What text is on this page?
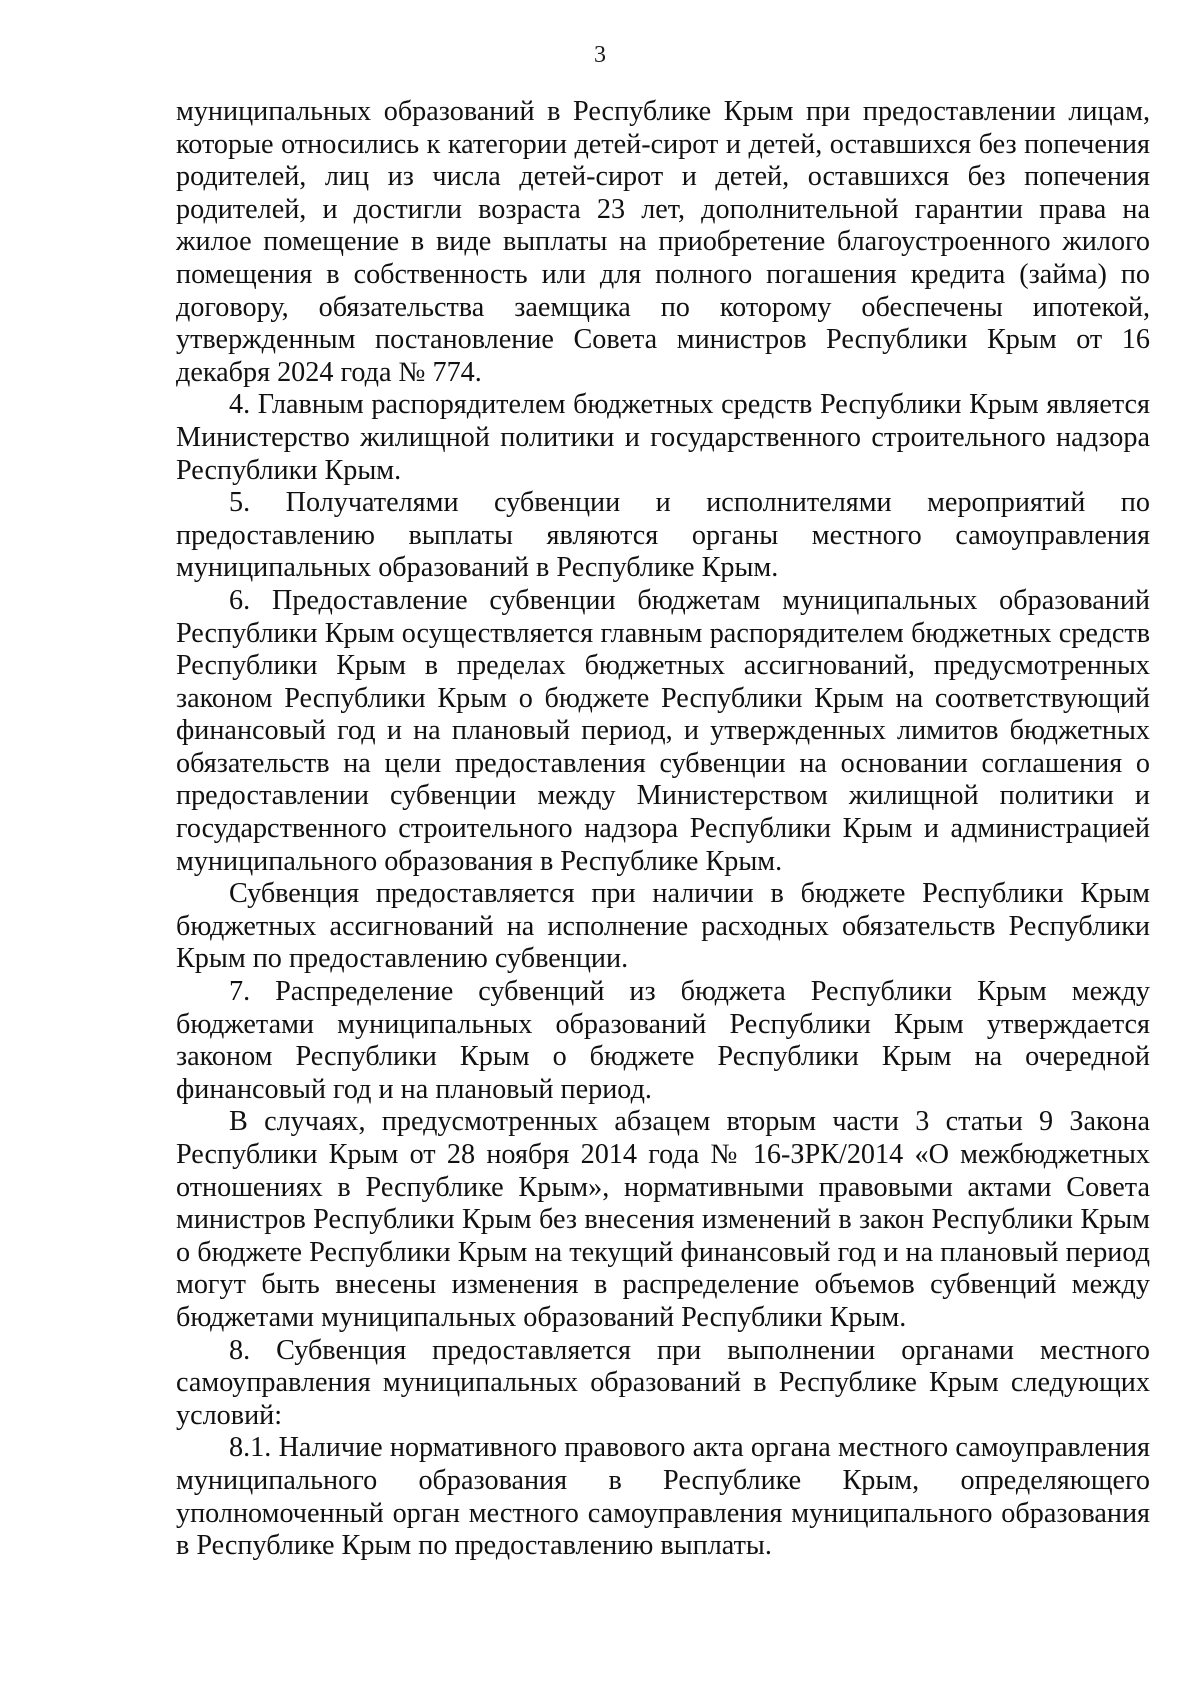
3

муниципальных образований в Республике Крым при предоставлении лицам, которые относились к категории детей-сирот и детей, оставшихся без попечения родителей, лиц из числа детей-сирот и детей, оставшихся без попечения родителей, и достигли возраста 23 лет, дополнительной гарантии права на жилое помещение в виде выплаты на приобретение благоустроенного жилого помещения в собственность или для полного погашения кредита (займа) по договору, обязательства заемщика по которому обеспечены ипотекой, утвержденным постановление Совета министров Республики Крым от 16 декабря 2024 года № 774.

4. Главным распорядителем бюджетных средств Республики Крым является Министерство жилищной политики и государственного строительного надзора Республики Крым.

5. Получателями субвенции и исполнителями мероприятий по предоставлению выплаты являются органы местного самоуправления муниципальных образований в Республике Крым.

6. Предоставление субвенции бюджетам муниципальных образований Республики Крым осуществляется главным распорядителем бюджетных средств Республики Крым в пределах бюджетных ассигнований, предусмотренных законом Республики Крым о бюджете Республики Крым на соответствующий финансовый год и на плановый период, и утвержденных лимитов бюджетных обязательств на цели предоставления субвенции на основании соглашения о предоставлении субвенции между Министерством жилищной политики и государственного строительного надзора Республики Крым и администрацией муниципального образования в Республике Крым.

Субвенция предоставляется при наличии в бюджете Республики Крым бюджетных ассигнований на исполнение расходных обязательств Республики Крым по предоставлению субвенции.

7. Распределение субвенций из бюджета Республики Крым между бюджетами муниципальных образований Республики Крым утверждается законом Республики Крым о бюджете Республики Крым на очередной финансовый год и на плановый период.

В случаях, предусмотренных абзацем вторым части 3 статьи 9 Закона Республики Крым от 28 ноября 2014 года № 16-ЗРК/2014 «О межбюджетных отношениях в Республике Крым», нормативными правовыми актами Совета министров Республики Крым без внесения изменений в закон Республики Крым о бюджете Республики Крым на текущий финансовый год и на плановый период могут быть внесены изменения в распределение объемов субвенций между бюджетами муниципальных образований Республики Крым.

8. Субвенция предоставляется при выполнении органами местного самоуправления муниципальных образований в Республике Крым следующих условий:

8.1. Наличие нормативного правового акта органа местного самоуправления муниципального образования в Республике Крым, определяющего уполномоченный орган местного самоуправления муниципального образования в Республике Крым по предоставлению выплаты.
